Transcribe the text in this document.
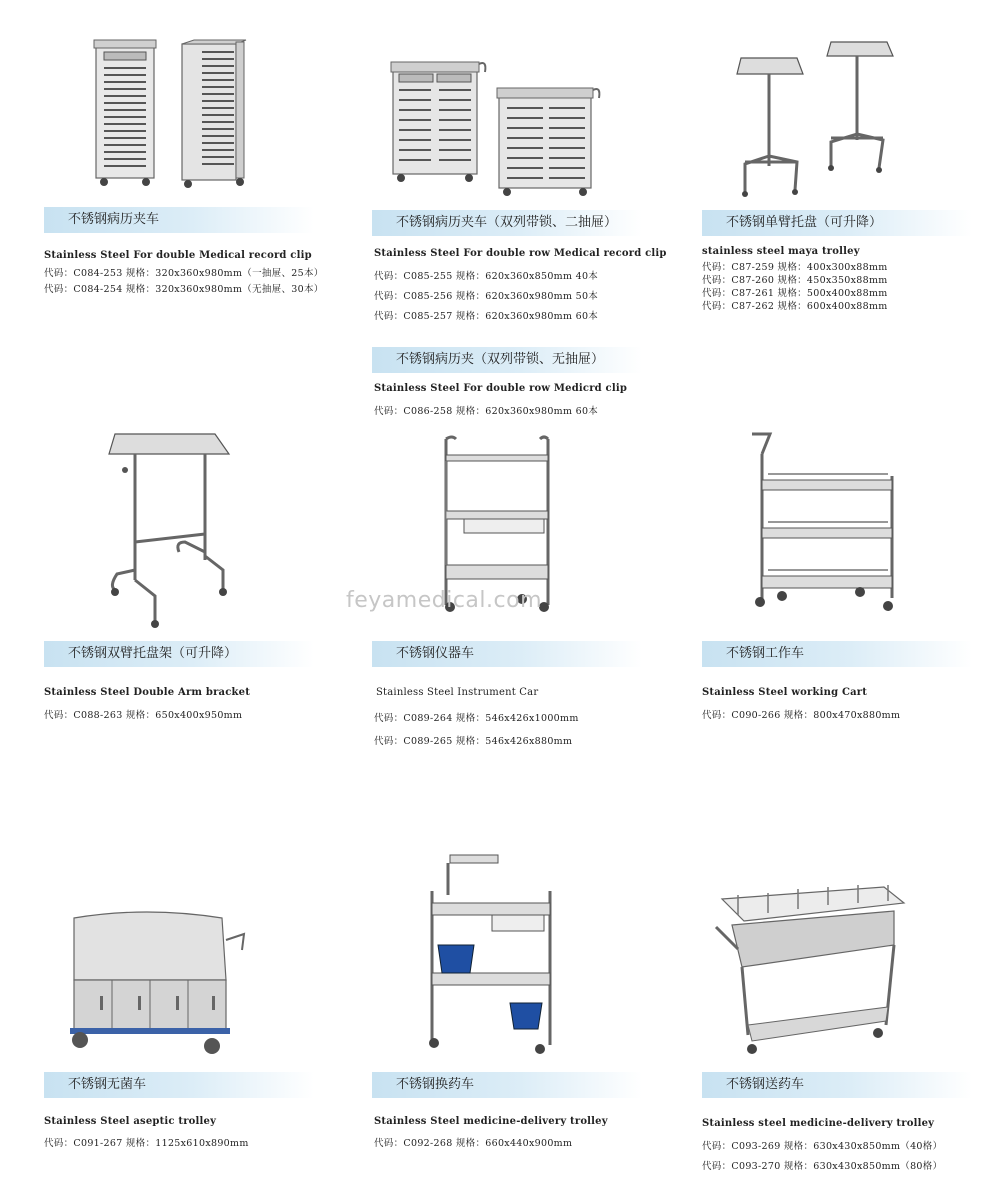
不锈钢病历夹车
Stainless Steel For double Medical record clip
代码：C084-253 规格：320x360x980mm（一抽屉、25本）
代码：C084-254 规格：320x360x980mm（无抽屉、30本）
不锈钢病历夹车（双列带锁、二抽屉）
Stainless Steel For double row Medical record clip
代码：C085-255 规格：620x360x850mm 40本
代码：C085-256 规格：620x360x980mm 50本
代码：C085-257 规格：620x360x980mm 60本
不锈钢单臂托盘（可升降）
stainless steel maya trolley
代码：C87-259 规格：400x300x88mm
代码：C87-260 规格：450x350x88mm
代码：C87-261 规格：500x400x88mm
代码：C87-262 规格：600x400x88mm
不锈钢病历夹（双列带锁、无抽屉）
Stainless Steel For double row Medicrd clip
代码：C086-258 规格：620x360x980mm 60本
不锈钢双臂托盘架（可升降）
Stainless Steel Double Arm bracket
代码：C088-263 规格：650x400x950mm
feyamedical.com
不锈钢仪器车
Stainless Steel Instrument Car
代码：C089-264 规格：546x426x1000mm
代码：C089-265 规格：546x426x880mm
不锈钢工作车
Stainless Steel working Cart
代码：C090-266 规格：800x470x880mm
不锈钢无菌车
Stainless Steel aseptic trolley
代码：C091-267 规格：1125x610x890mm
不锈钢换药车
Stainless Steel medicine-delivery trolley
代码：C092-268 规格：660x440x900mm
不锈钢送药车
Stainless steel medicine-delivery trolley
代码：C093-269 规格：630x430x850mm（40格）
代码：C093-270 规格：630x430x850mm（80格）
